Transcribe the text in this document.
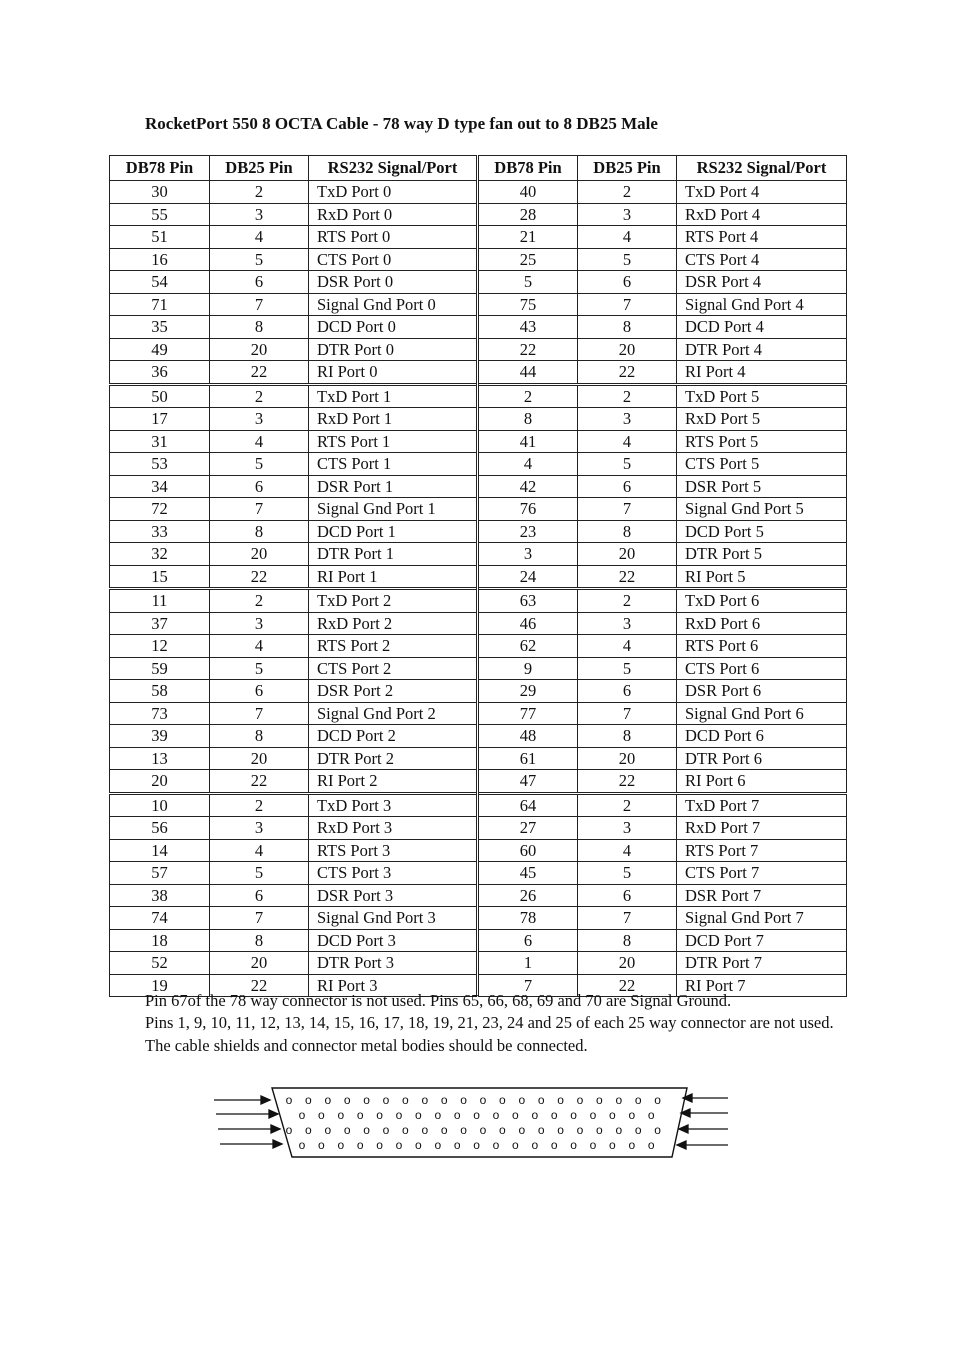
RocketPort 550 8 OCTA Cable - 78 way D type fan out to 8 DB25 Male
DB78 Pin	DB25 Pin	RS232 Signal/Port	DB78 Pin	DB25 Pin	RS232 Signal/Port
30	2	TxD Port 0	40	2	TxD Port 4
55	3	RxD Port 0	28	3	RxD Port 4
51	4	RTS Port 0	21	4	RTS Port 4
16	5	CTS Port 0	25	5	CTS Port 4
54	6	DSR Port 0	5	6	DSR Port 4
71	7	Signal Gnd Port 0	75	7	Signal Gnd Port 4
35	8	DCD Port 0	43	8	DCD Port 4
49	20	DTR Port 0	22	20	DTR Port 4
36	22	RI Port 0	44	22	RI Port 4
50	2	TxD Port 1	2	2	TxD Port 5
17	3	RxD Port 1	8	3	RxD Port 5
31	4	RTS Port 1	41	4	RTS Port 5
53	5	CTS Port 1	4	5	CTS Port 5
34	6	DSR Port 1	42	6	DSR Port 5
72	7	Signal Gnd Port 1	76	7	Signal Gnd Port 5
33	8	DCD Port 1	23	8	DCD Port 5
32	20	DTR Port 1	3	20	DTR Port 5
15	22	RI Port 1	24	22	RI Port 5
11	2	TxD Port 2	63	2	TxD Port 6
37	3	RxD Port 2	46	3	RxD Port 6
12	4	RTS Port 2	62	4	RTS Port 6
59	5	CTS Port 2	9	5	CTS Port 6
58	6	DSR Port 2	29	6	DSR Port 6
73	7	Signal Gnd Port 2	77	7	Signal Gnd Port 6
39	8	DCD Port 2	48	8	DCD Port 6
13	20	DTR Port 2	61	20	DTR Port 6
20	22	RI Port 2	47	22	RI Port 6
10	2	TxD Port 3	64	2	TxD Port 7
56	3	RxD Port 3	27	3	RxD Port 7
14	4	RTS Port 3	60	4	RTS Port 7
57	5	CTS Port 3	45	5	CTS Port 7
38	6	DSR Port 3	26	6	DSR Port 7
74	7	Signal Gnd Port 3	78	7	Signal Gnd Port 7
18	8	DCD Port 3	6	8	DCD Port 7
52	20	DTR Port 3	1	20	DTR Port 7
19	22	RI Port 3	7	22	RI Port 7

Pin 67of the 78 way connector is not used. Pins 65, 66, 68, 69 and 70 are Signal Ground.

Pins 1, 9, 10, 11, 12, 13, 14, 15, 16, 17, 18, 19, 21, 23, 24 and 25 of each 25 way connector are not used.

The cable shields and connector metal bodies should be connected.

o o o o o o o o o o o o o o o o o o o o
o o o o o o o o o o o o o o o o o o o
o o o o o o o o o o o o o o o o o o o o
o o o o o o o o o o o o o o o o o o o
